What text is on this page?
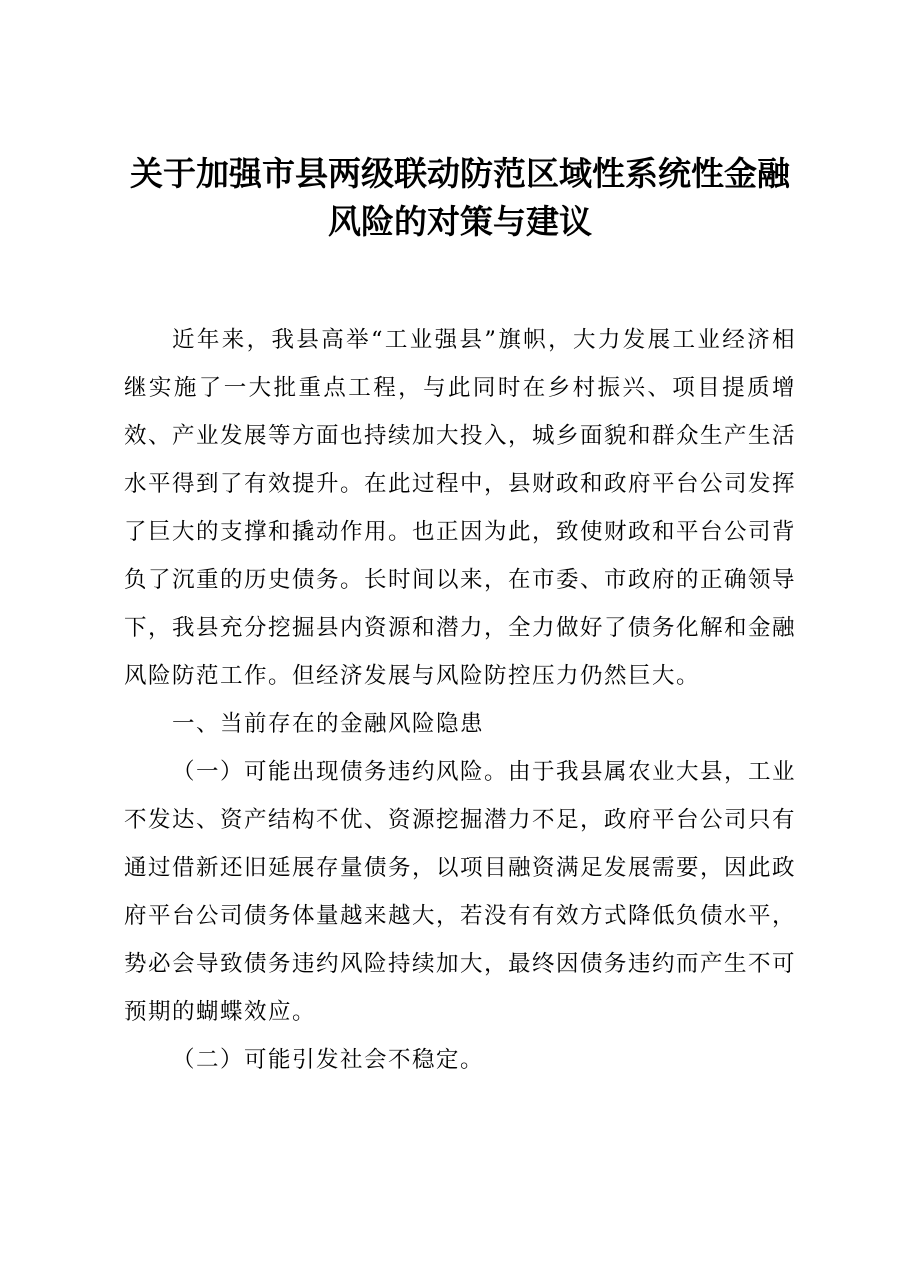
关于加强市县两级联动防范区域性系统性金融
风险的对策与建议

近年来，我县高举“工业强县”旗帜，大力发展工业经济相继实施了一大批重点工程，与此同时在乡村振兴、项目提质增效、产业发展等方面也持续加大投入，城乡面貌和群众生产生活水平得到了有效提升。在此过程中，县财政和政府平台公司发挥了巨大的支撑和撬动作用。也正因为此，致使财政和平台公司背负了沉重的历史债务。长时间以来，在市委、市政府的正确领导下，我县充分挖掘县内资源和潜力，全力做好了债务化解和金融风险防范工作。但经济发展与风险防控压力仍然巨大。

一、当前存在的金融风险隐患

（一）可能出现债务违约风险。由于我县属农业大县，工业不发达、资产结构不优、资源挖掘潜力不足，政府平台公司只有通过借新还旧延展存量债务，以项目融资满足发展需要，因此政府平台公司债务体量越来越大，若没有有效方式降低负债水平，势必会导致债务违约风险持续加大，最终因债务违约而产生不可预期的蝴蝶效应。

（二）可能引发社会不稳定。
